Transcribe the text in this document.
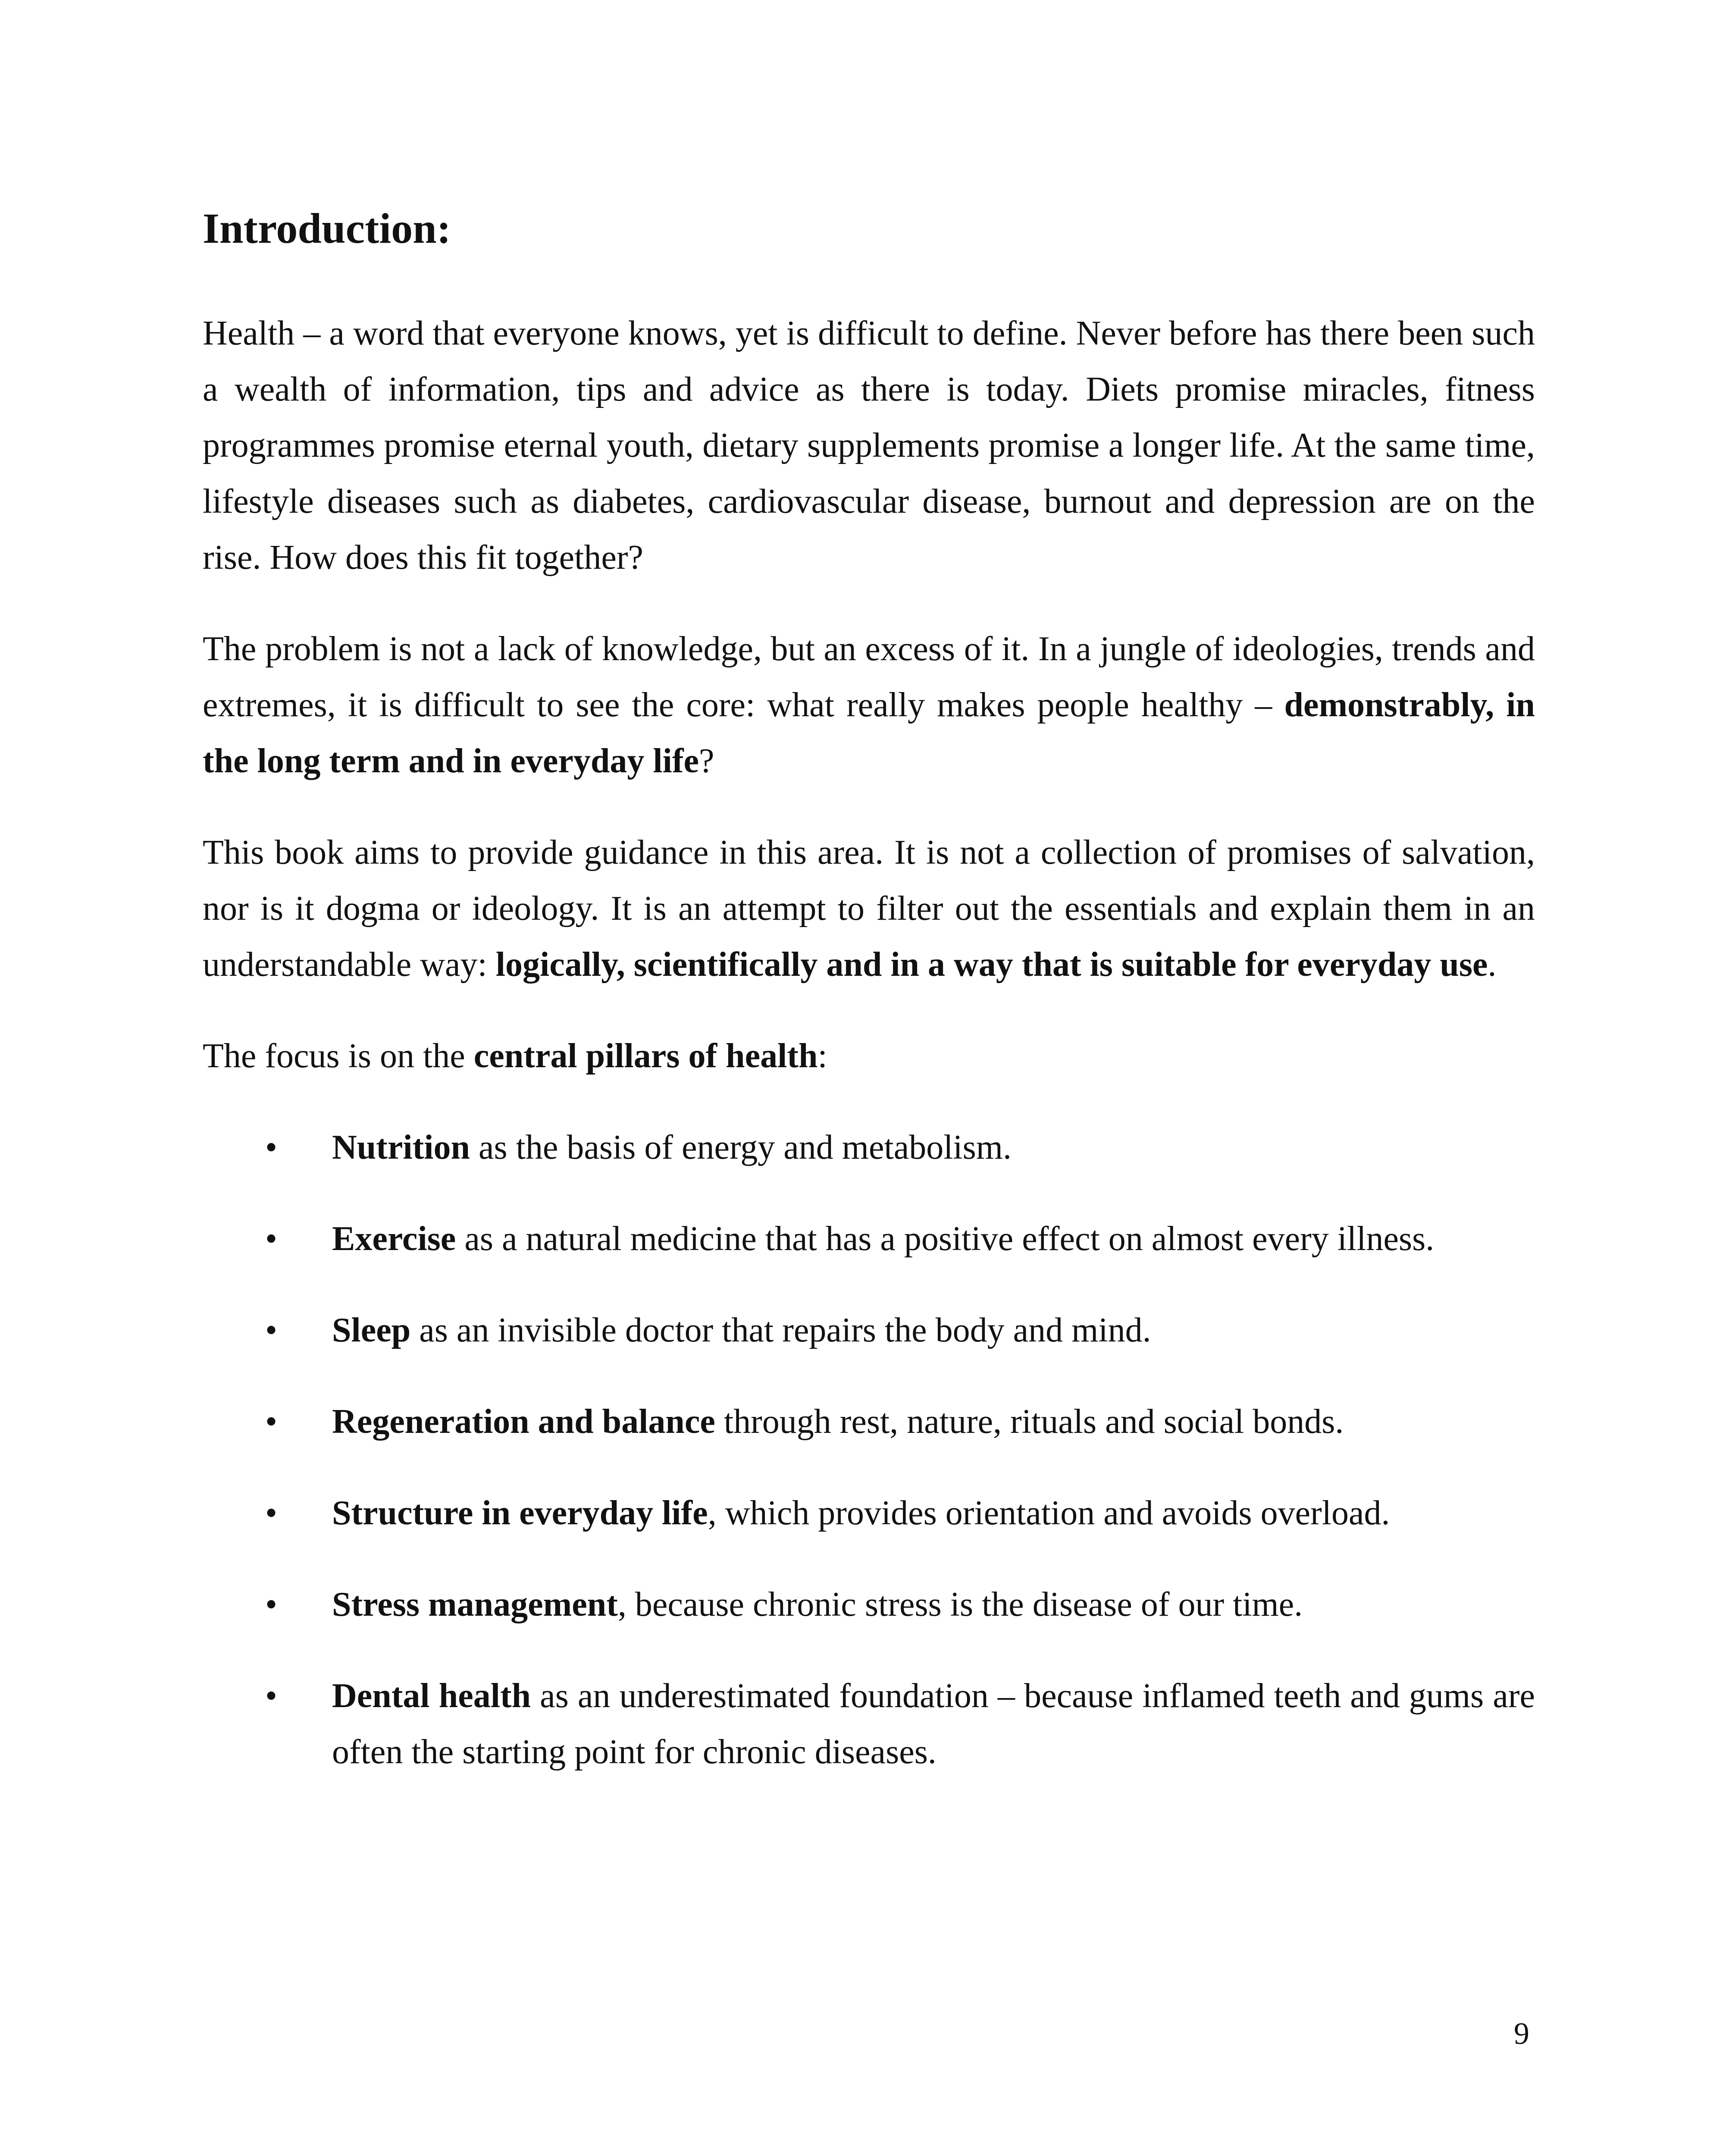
Introduction:

Health – a word that everyone knows, yet is difficult to define. Never before has there been such a wealth of information, tips and advice as there is today. Diets promise miracles, fitness programmes promise eternal youth, dietary supplements promise a longer life. At the same time, lifestyle diseases such as diabetes, cardiovascular disease, burnout and depression are on the rise. How does this fit together?

The problem is not a lack of knowledge, but an excess of it. In a jungle of ideologies, trends and extremes, it is difficult to see the core: what really makes people healthy – demonstrably, in the long term and in everyday life?

This book aims to provide guidance in this area. It is not a collection of promises of salvation, nor is it dogma or ideology. It is an attempt to filter out the essentials and explain them in an understandable way: logically, scientifically and in a way that is suitable for everyday use.

The focus is on the central pillars of health:

• Nutrition as the basis of energy and metabolism.
• Exercise as a natural medicine that has a positive effect on almost every illness.
• Sleep as an invisible doctor that repairs the body and mind.
• Regeneration and balance through rest, nature, rituals and social bonds.
• Structure in everyday life, which provides orientation and avoids overload.
• Stress management, because chronic stress is the disease of our time.
• Dental health as an underestimated foundation – because inflamed teeth and gums are often the starting point for chronic diseases.
9
